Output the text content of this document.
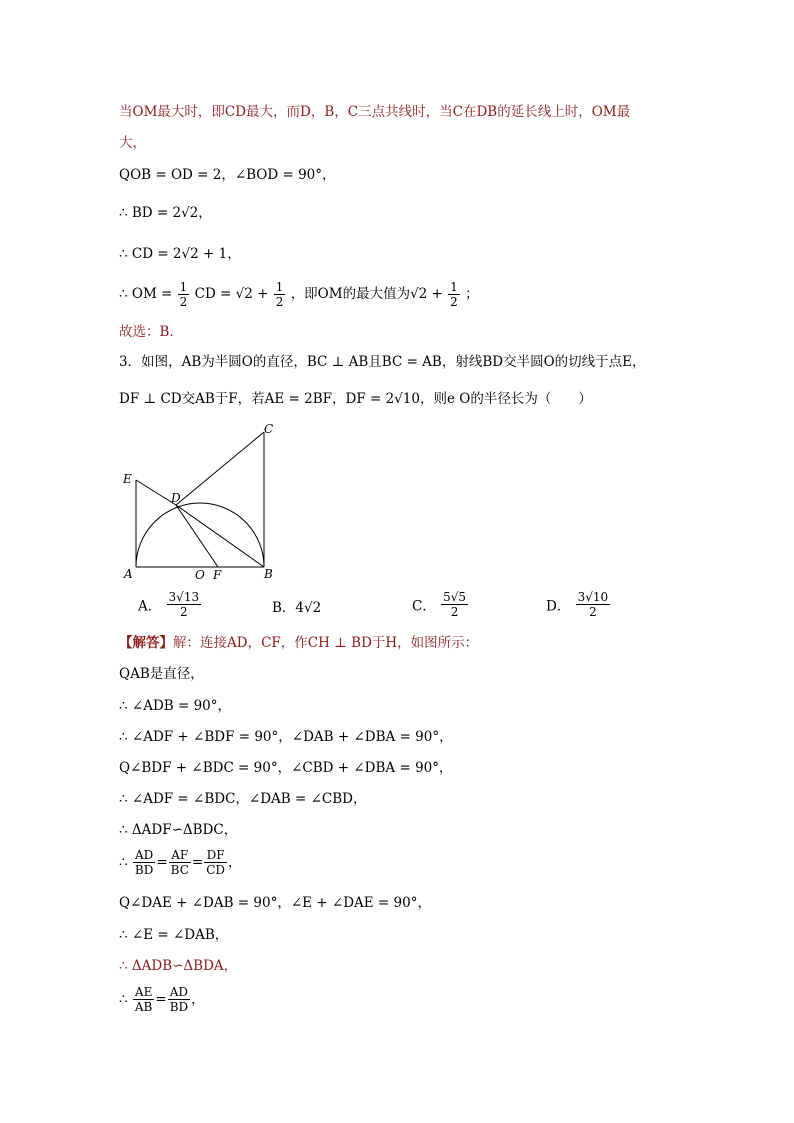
当OM最大时，即CD最大，而D，B，C三点共线时，当C在DB的延长线上时，OM最
大，
QOB = OD = 2，∠BOD = 90°，
∴ BD = 2√2，
∴ CD = 2√2 + 1，
∴ OM = $\frac{1}{2}$ CD = $√2 + \frac{1}{2}$ ，即OM的最大值为$√2 + \frac{1}{2}$ ；
故选：B．
3．如图，AB为半圆O的直径，BC ⊥ AB且BC = AB，射线BD交半圆O的切线于点E，
DF ⊥ CD交AB于F，若AE = 2BF，DF = 2√10，则e O的半径长为（　　）
C
E
D
A	O F	B
A． $\frac{3√13}{2}$	B．4√2	C． $\frac{5√5}{2}$	D． $\frac{3√10}{2}$
【解答】解：连接AD，CF，作CH ⊥ BD于H，如图所示：
QAB是直径，
∴ ∠ADB = 90°，
∴ ∠ADF + ∠BDF = 90°，∠DAB + ∠DBA = 90°，
Q∠BDF + ∠BDC = 90°，∠CBD + ∠DBA = 90°，
∴ ∠ADF = ∠BDC，∠DAB = ∠CBD，
∴ ΔADF∽ΔBDC，
∴ $\frac{AD}{BD} = \frac{AF}{BC} = \frac{DF}{CD}$ ，
Q∠DAE + ∠DAB = 90°，∠E + ∠DAE = 90°，
∴ ∠E = ∠DAB，
∴ ΔADB∽ΔBDA，
∴ $\frac{AE}{AB} = \frac{AD}{BD}$ ，
